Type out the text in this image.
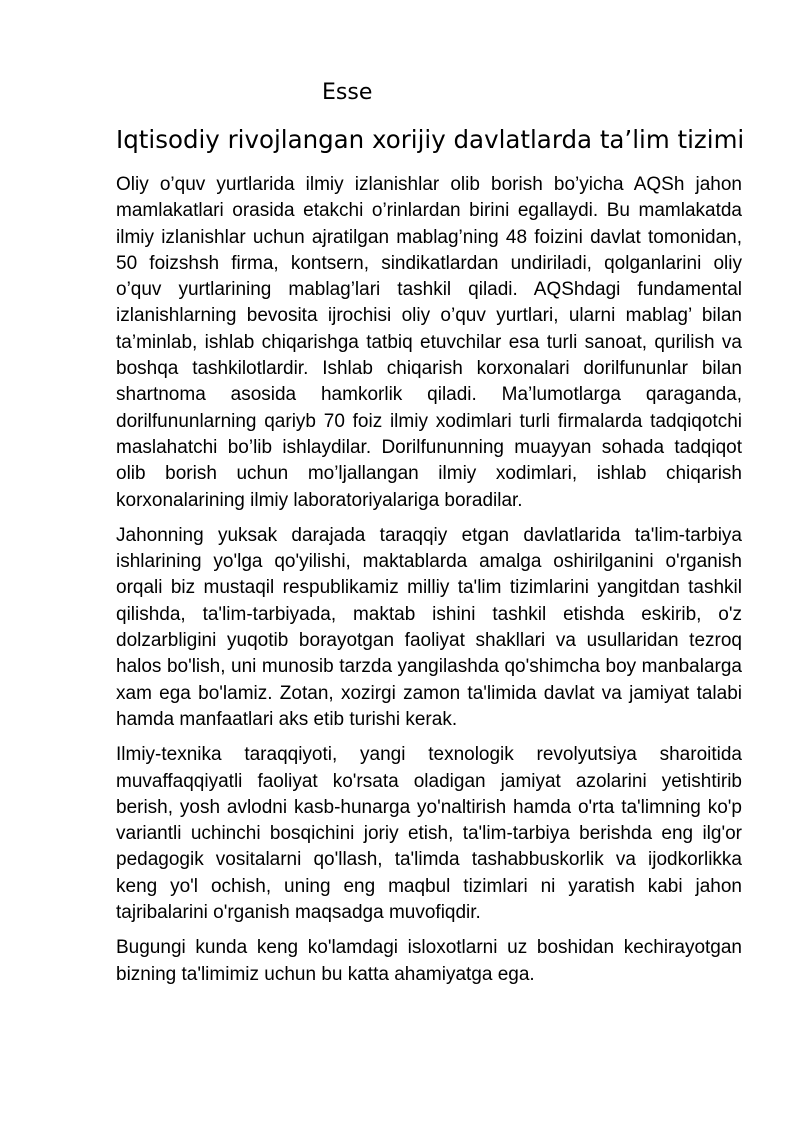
Esse
Iqtisodiy rivojlangan xorijiy davlatlarda ta’lim tizimi

Oliy o’quv yurtlarida ilmiy izlanishlar olib borish bo’yicha AQSh jahon mamlakatlari orasida etakchi o’rinlardan birini egallaydi. Bu mamlakatda ilmiy izlanishlar uchun ajratilgan mablag’ning 48 foizini davlat tomonidan, 50 foizshsh firma, kontsern, sindikatlardan undiriladi, qolganlarini oliy o’quv yurtlarining mablag’lari tashkil qiladi. AQShdagi fundamental izlanishlarning bevosita ijrochisi oliy o’quv yurtlari, ularni mablag’ bilan ta’minlab, ishlab chiqarishga tatbiq etuvchilar esa turli sanoat, qurilish va boshqa tashkilotlardir. Ishlab chiqarish korxonalari dorilfununlar bilan shartnoma asosida hamkorlik qiladi. Ma’lumotlarga qaraganda, dorilfununlarning qariyb 70 foiz ilmiy xodimlari turli firmalarda tadqiqotchi maslahatchi bo’lib ishlaydilar. Dorilfununning muayyan sohada tadqiqot olib borish uchun mo’ljallangan ilmiy xodimlari, ishlab chiqarish korxonalarining ilmiy laboratoriyalariga boradilar.

Jahonning yuksak darajada taraqqiy etgan davlatlarida ta'lim-tarbiya ishlarining yo'lga qo'yilishi, maktablarda amalga oshirilganini o'rganish orqali biz mustaqil respublikamiz milliy ta'lim tizimlarini yangitdan tashkil qilishda, ta'lim-tarbiyada, maktab ishini tashkil etishda eskirib, o'z dolzarbligini yuqotib borayotgan faoliyat shakllari va usullaridan tezroq halos bo'lish, uni munosib tarzda yangilashda qo'shimcha boy manbalarga xam ega bo'lamiz. Zotan, xozirgi zamon ta'limida davlat va jamiyat talabi hamda manfaatlari aks etib turishi kerak.

Ilmiy-texnika taraqqiyoti, yangi texnologik revolyutsiya sharoitida muvaffaqqiyatli faoliyat ko'rsata oladigan jamiyat azolarini yetishtirib berish, yosh avlodni kasb-hunarga yo'naltirish hamda o'rta ta'limning ko'p variantli uchinchi bosqichini joriy etish, ta'lim-tarbiya berishda eng ilg'or pedagogik vositalarni qo'llash, ta'limda tashabbuskorlik va ijodkorlikka keng yo'l ochish, uning eng maqbul tizimlari ni yaratish kabi jahon tajribalarini o'rganish maqsadga muvofiqdir.

Bugungi kunda keng ko'lamdagi isloxotlarni uz boshidan kechirayotgan bizning ta'limimiz uchun bu katta ahamiyatga ega.
